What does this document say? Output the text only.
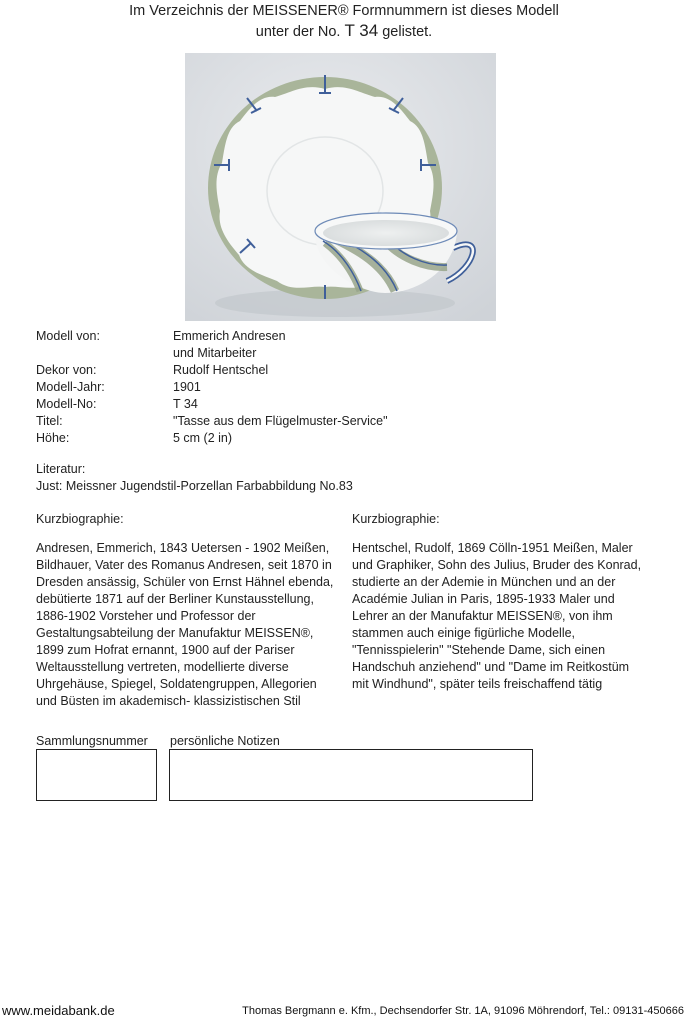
Im Verzeichnis der MEISSENER® Formnummern ist dieses Modell
unter der No. T 34 gelistet.
Modell von:	Emmerich Andresen
und Mitarbeiter
Dekor von:	Rudolf Hentschel
Modell-Jahr:	1901
Modell-No:	T 34
Titel:	"Tasse aus dem Flügelmuster-Service"
Höhe:	5 cm (2 in)
Literatur:
Just: Meissner Jugendstil-Porzellan Farbabbildung No.83
Kurzbiographie:
Andresen, Emmerich, 1843 Uetersen - 1902 Meißen,
Bildhauer, Vater des Romanus Andresen, seit 1870 in
Dresden ansässig, Schüler von Ernst Hähnel ebenda,
debütierte 1871 auf der Berliner Kunstausstellung,
1886-1902 Vorsteher und Professor der
Gestaltungsabteilung der Manufaktur MEISSEN®,
1899 zum Hofrat ernannt, 1900 auf der Pariser
Weltausstellung vertreten, modellierte diverse
Uhrgehäuse, Spiegel, Soldatengruppen, Allegorien
und Büsten im akademisch- klassizistischen Stil
Kurzbiographie:
Hentschel, Rudolf, 1869 Cölln-1951 Meißen, Maler
und Graphiker, Sohn des Julius, Bruder des Konrad,
studierte an der Ademie in München und an der
Académie Julian in Paris, 1895-1933 Maler und
Lehrer an der Manufaktur MEISSEN®, von ihm
stammen auch einige figürliche Modelle,
"Tennisspielerin" "Stehende Dame, sich einen
Handschuh anziehend" und "Dame im Reitkostüm
mit Windhund", später teils freischaffend tätig
Sammlungsnummer persönliche Notizen
www.meidabank.de	Thomas Bergmann e. Kfm., Dechsendorfer Str. 1A, 91096 Möhrendorf, Tel.: 09131-450666
